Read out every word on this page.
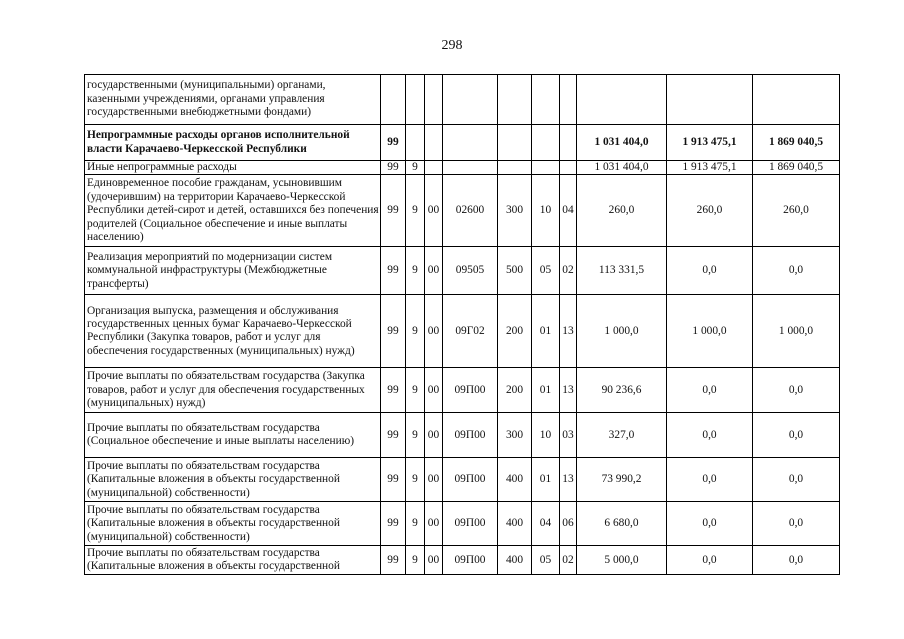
298
государственными (муниципальными) органами, казенными учреждениями, органами управления государственными внебюджетными фондами)										
Непрограммные расходы органов исполнительной власти Карачаево-Черкесской Республики	99							1 031 404,0	1 913 475,1	1 869 040,5
Иные непрограммные расходы	99	9						1 031 404,0	1 913 475,1	1 869 040,5
Единовременное пособие гражданам, усыновившим (удочерившим) на территории Карачаево-Черкесской Республики детей-сирот и детей, оставшихся без попечения родителей (Социальное обеспечение и иные выплаты населению)	99	9	00	02600	300	10	04	260,0	260,0	260,0
Реализация мероприятий по модернизации систем коммунальной инфраструктуры (Межбюджетные трансферты)	99	9	00	09505	500	05	02	113 331,5	0,0	0,0
Организация выпуска, размещения и обслуживания государственных ценных бумаг Карачаево-Черкесской Республики (Закупка товаров, работ и услуг для обеспечения государственных (муниципальных) нужд)	99	9	00	09Г02	200	01	13	1 000,0	1 000,0	1 000,0
Прочие выплаты по обязательствам государства (Закупка товаров, работ и услуг для обеспечения государственных (муниципальных) нужд)	99	9	00	09П00	200	01	13	90 236,6	0,0	0,0
Прочие выплаты по обязательствам государства (Социальное обеспечение и иные выплаты населению)	99	9	00	09П00	300	10	03	327,0	0,0	0,0
Прочие выплаты по обязательствам государства (Капитальные вложения в объекты государственной (муниципальной) собственности)	99	9	00	09П00	400	01	13	73 990,2	0,0	0,0
Прочие выплаты по обязательствам государства (Капитальные вложения в объекты государственной (муниципальной) собственности)	99	9	00	09П00	400	04	06	6 680,0	0,0	0,0
Прочие выплаты по обязательствам государства (Капитальные вложения в объекты государственной	99	9	00	09П00	400	05	02	5 000,0	0,0	0,0
